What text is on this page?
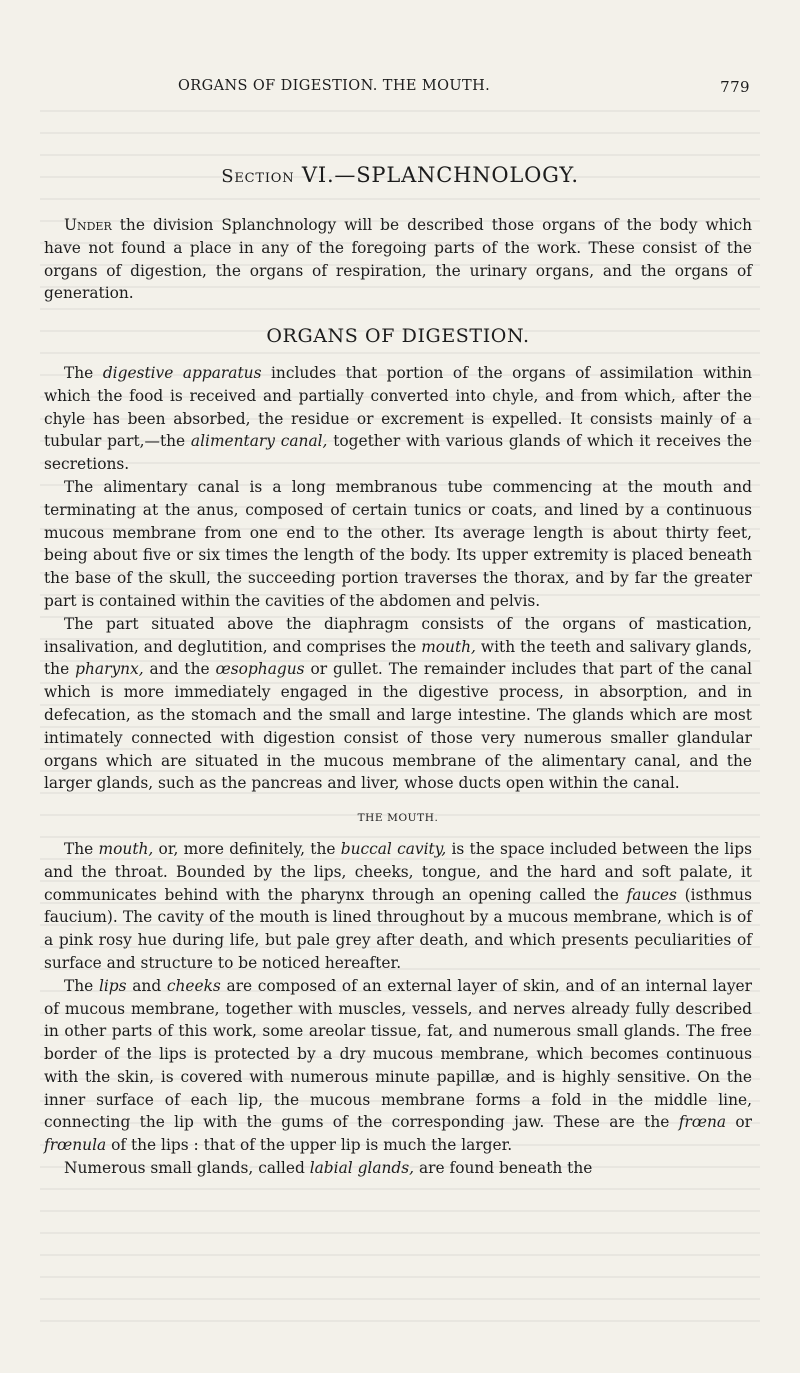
ORGANS OF DIGESTION. THE MOUTH.	779
Section VI.—SPLANCHNOLOGY.

Under the division Splanchnology will be described those organs of the body which have not found a place in any of the foregoing parts of the work. These consist of the organs of digestion, the organs of respiration, the urinary organs, and the organs of generation.

ORGANS OF DIGESTION.

The digestive apparatus includes that portion of the organs of assimilation within which the food is received and partially converted into chyle, and from which, after the chyle has been absorbed, the residue or excrement is expelled. It consists mainly of a tubular part,—the alimentary canal, together with various glands of which it receives the secretions.

The alimentary canal is a long membranous tube commencing at the mouth and terminating at the anus, composed of certain tunics or coats, and lined by a continuous mucous membrane from one end to the other. Its average length is about thirty feet, being about five or six times the length of the body. Its upper extremity is placed beneath the base of the skull, the succeeding portion traverses the thorax, and by far the greater part is contained within the cavities of the abdomen and pelvis.

The part situated above the diaphragm consists of the organs of mastication, insalivation, and deglutition, and comprises the mouth, with the teeth and salivary glands, the pharynx, and the œsophagus or gullet. The remainder includes that part of the canal which is more immediately engaged in the digestive process, in absorption, and in defecation, as the stomach and the small and large intestine. The glands which are most intimately connected with digestion consist of those very numerous smaller glandular organs which are situated in the mucous membrane of the alimentary canal, and the larger glands, such as the pancreas and liver, whose ducts open within the canal.

THE MOUTH.

The mouth, or, more definitely, the buccal cavity, is the space included between the lips and the throat. Bounded by the lips, cheeks, tongue, and the hard and soft palate, it communicates behind with the pharynx through an opening called the fauces (isthmus faucium). The cavity of the mouth is lined throughout by a mucous membrane, which is of a pink rosy hue during life, but pale grey after death, and which presents peculiarities of surface and structure to be noticed hereafter.

The lips and cheeks are composed of an external layer of skin, and of an internal layer of mucous membrane, together with muscles, vessels, and nerves already fully described in other parts of this work, some areolar tissue, fat, and numerous small glands. The free border of the lips is protected by a dry mucous membrane, which becomes continuous with the skin, is covered with numerous minute papillæ, and is highly sensitive. On the inner surface of each lip, the mucous membrane forms a fold in the middle line, connecting the lip with the gums of the corresponding jaw. These are the frœna or frœnula of the lips : that of the upper lip is much the larger.

Numerous small glands, called labial glands, are found beneath the
